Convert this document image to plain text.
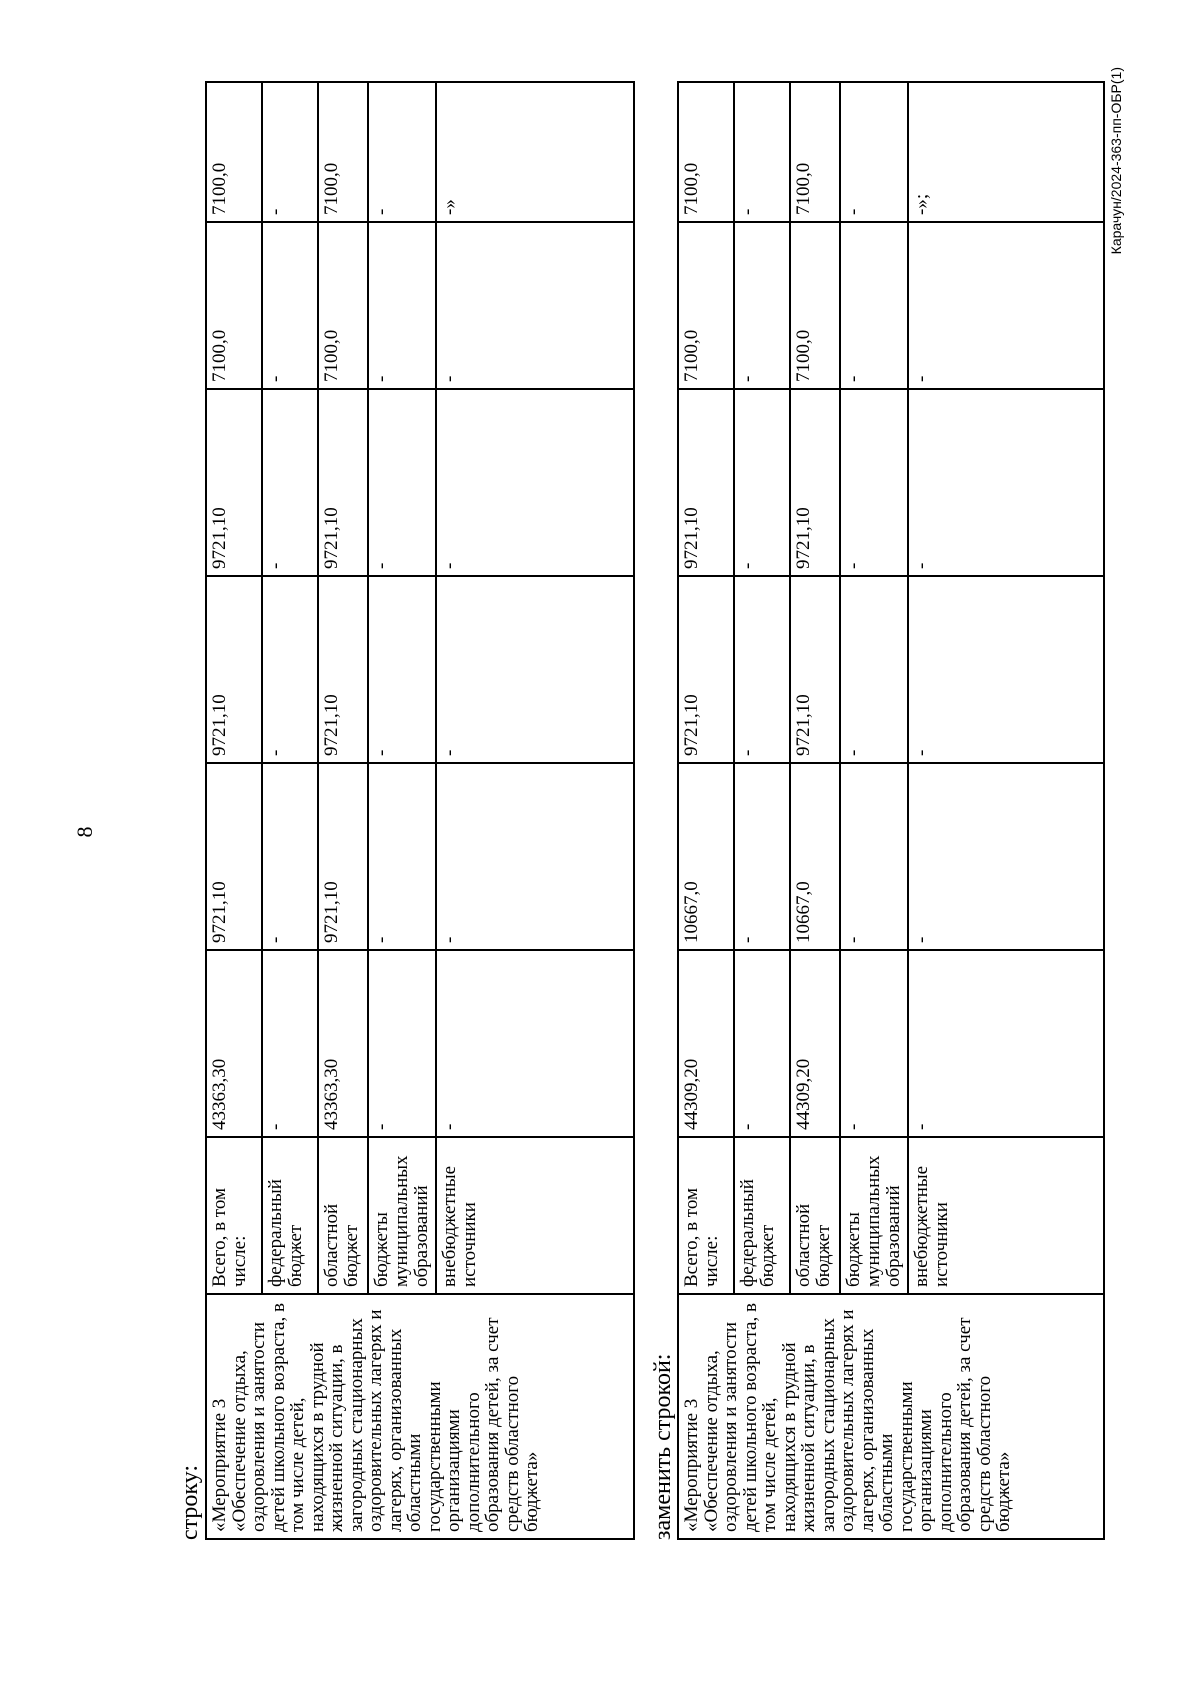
8
строку: «Мероприятие 3 «Обеспечение отдыха, оздоровления и занятости детей школьного возраста, в том числе детей, находящихся в трудной жизненной ситуации, в загородных стационарных оздоровительных лагерях и лагерях, организованных областными государственными организациями дополнительного образования детей, за счет средств областного бюджета»	Всего, в том числе:	43363,30	9721,10	9721,10	9721,10	7100,0	7100,0
	федеральный бюджет	-	-	-	-	-	-
	областной бюджет	43363,30	9721,10	9721,10	9721,10	7100,0	7100,0
	бюджеты муниципальных образований	-	-	-	-	-	-
	внебюджетные источники	-	-	-	-	-	-»
заменить строкой: «Мероприятие 3 «Обеспечение отдыха, оздоровления и занятости детей школьного возраста, в том числе детей, находящихся в трудной жизненной ситуации, в загородных стационарных оздоровительных лагерях и лагерях, организованных областными государственными организациями дополнительного образования детей, за счет средств областного бюджета»	Всего, в том числе:	44309,20	10667,0	9721,10	9721,10	7100,0	7100,0
	федеральный бюджет	-	-	-	-	-	-
	областной бюджет	44309,20	10667,0	9721,10	9721,10	7100,0	7100,0
	бюджеты муниципальных образований	-	-	-	-	-	-
	внебюджетные источники	-	-	-	-	-	-»;	Карачун/2024-363-пп-ОБР(1)
